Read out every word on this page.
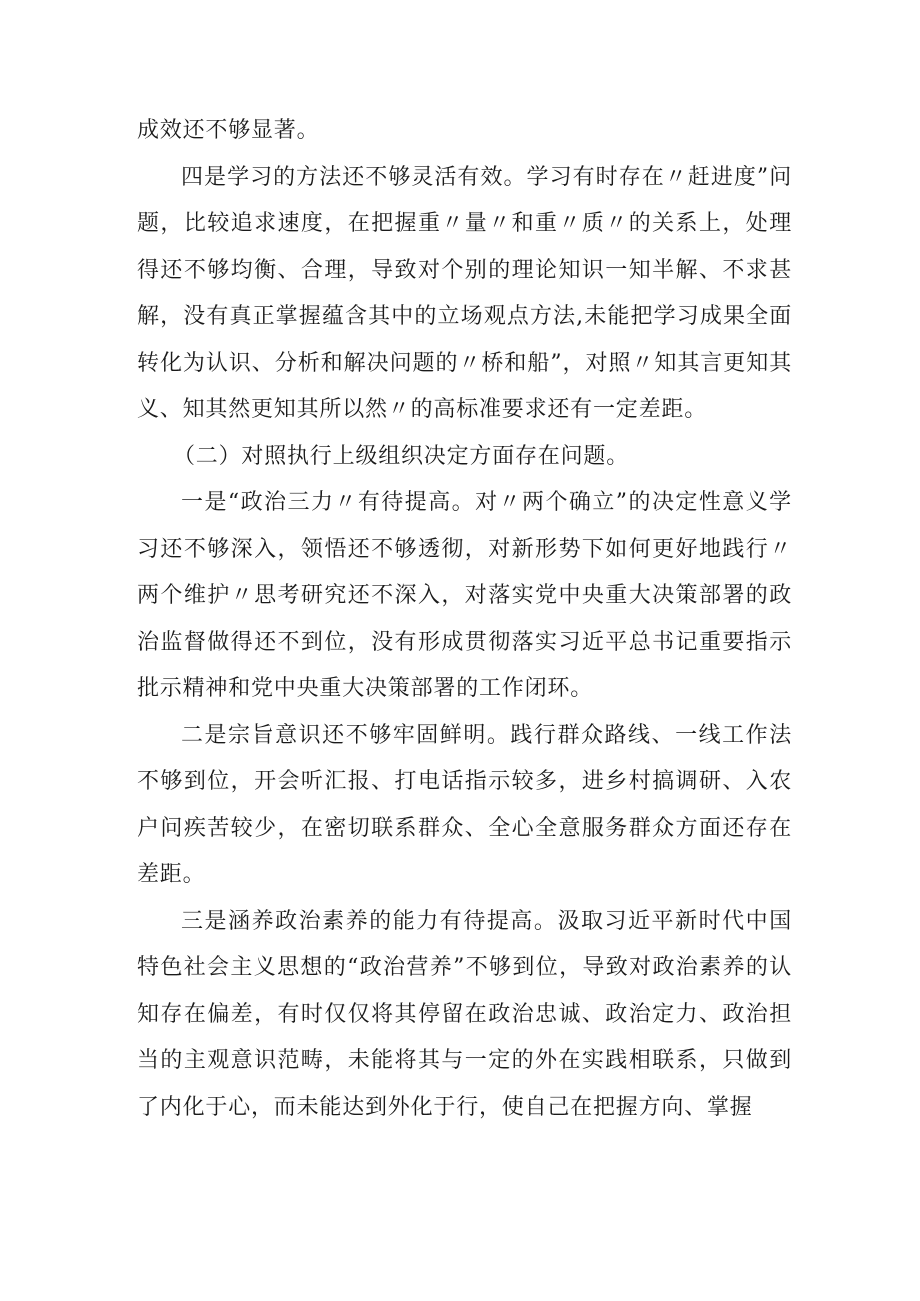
成效还不够显著。

四是学习的方法还不够灵活有效。学习有时存在〃赶进度”问题，比较追求速度，在把握重〃量〃和重〃质〃的关系上，处理得还不够均衡、合理，导致对个别的理论知识一知半解、不求甚解，没有真正掌握蕴含其中的立场观点方法,未能把学习成果全面转化为认识、分析和解决问题的〃桥和船”，对照〃知其言更知其义、知其然更知其所以然〃的高标准要求还有一定差距。

（二）对照执行上级组织决定方面存在问题。

一是“政治三力〃有待提高。对〃两个确立”的决定性意义学习还不够深入，领悟还不够透彻，对新形势下如何更好地践行〃两个维护〃思考研究还不深入，对落实党中央重大决策部署的政治监督做得还不到位，没有形成贯彻落实习近平总书记重要指示批示精神和党中央重大决策部署的工作闭环。

二是宗旨意识还不够牢固鲜明。践行群众路线、一线工作法不够到位，开会听汇报、打电话指示较多，进乡村搞调研、入农户问疾苦较少，在密切联系群众、全心全意服务群众方面还存在差距。

三是涵养政治素养的能力有待提高。汲取习近平新时代中国特色社会主义思想的“政治营养”不够到位，导致对政治素养的认知存在偏差，有时仅仅将其停留在政治忠诚、政治定力、政治担当的主观意识范畴，未能将其与一定的外在实践相联系，只做到了内化于心，而未能达到外化于行，使自己在把握方向、掌握
